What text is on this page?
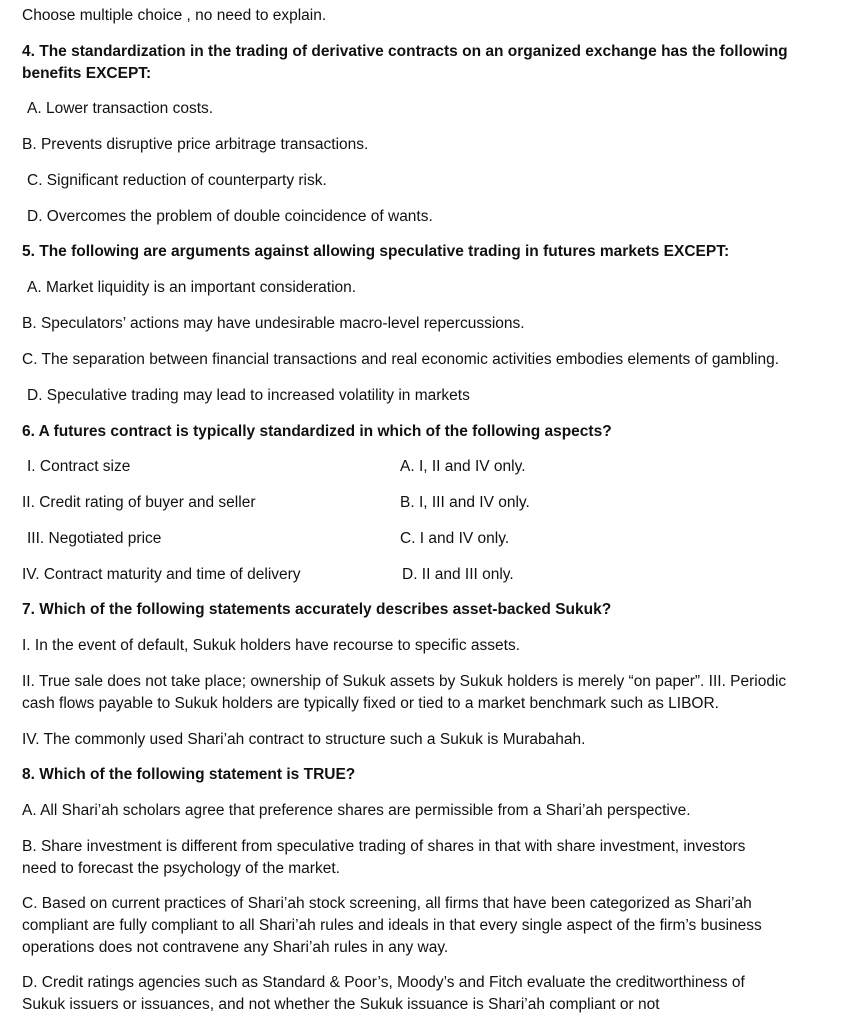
Choose multiple choice , no need to explain.
4. The standardization in the trading of derivative contracts on an organized exchange has the following
benefits EXCEPT:
A. Lower transaction costs.
B. Prevents disruptive price arbitrage transactions.
C. Significant reduction of counterparty risk.
D. Overcomes the problem of double coincidence of wants.
5. The following are arguments against allowing speculative trading in futures markets EXCEPT:
A. Market liquidity is an important consideration.
B. Speculators’ actions may have undesirable macro-level repercussions.
C. The separation between financial transactions and real economic activities embodies elements of gambling.
D. Speculative trading may lead to increased volatility in markets
6. A futures contract is typically standardized in which of the following aspects?
I. Contract size	A. I, II and IV only.
II. Credit rating of buyer and seller	B. I, III and IV only.
III. Negotiated price	C. I and IV only.
IV. Contract maturity and time of delivery	D. II and III only.
7. Which of the following statements accurately describes asset-backed Sukuk?
I. In the event of default, Sukuk holders have recourse to specific assets.
II. True sale does not take place; ownership of Sukuk assets by Sukuk holders is merely “on paper”. III. Periodic
cash flows payable to Sukuk holders are typically fixed or tied to a market benchmark such as LIBOR.
IV. The commonly used Shari’ah contract to structure such a Sukuk is Murabahah.
8. Which of the following statement is TRUE?
A. All Shari’ah scholars agree that preference shares are permissible from a Shari’ah perspective.
B. Share investment is different from speculative trading of shares in that with share investment, investors
need to forecast the psychology of the market.
C. Based on current practices of Shari’ah stock screening, all firms that have been categorized as Shari’ah
compliant are fully compliant to all Shari’ah rules and ideals in that every single aspect of the firm’s business
operations does not contravene any Shari’ah rules in any way.
D. Credit ratings agencies such as Standard & Poor’s, Moody’s and Fitch evaluate the creditworthiness of
Sukuk issuers or issuances, and not whether the Sukuk issuance is Shari’ah compliant or not
